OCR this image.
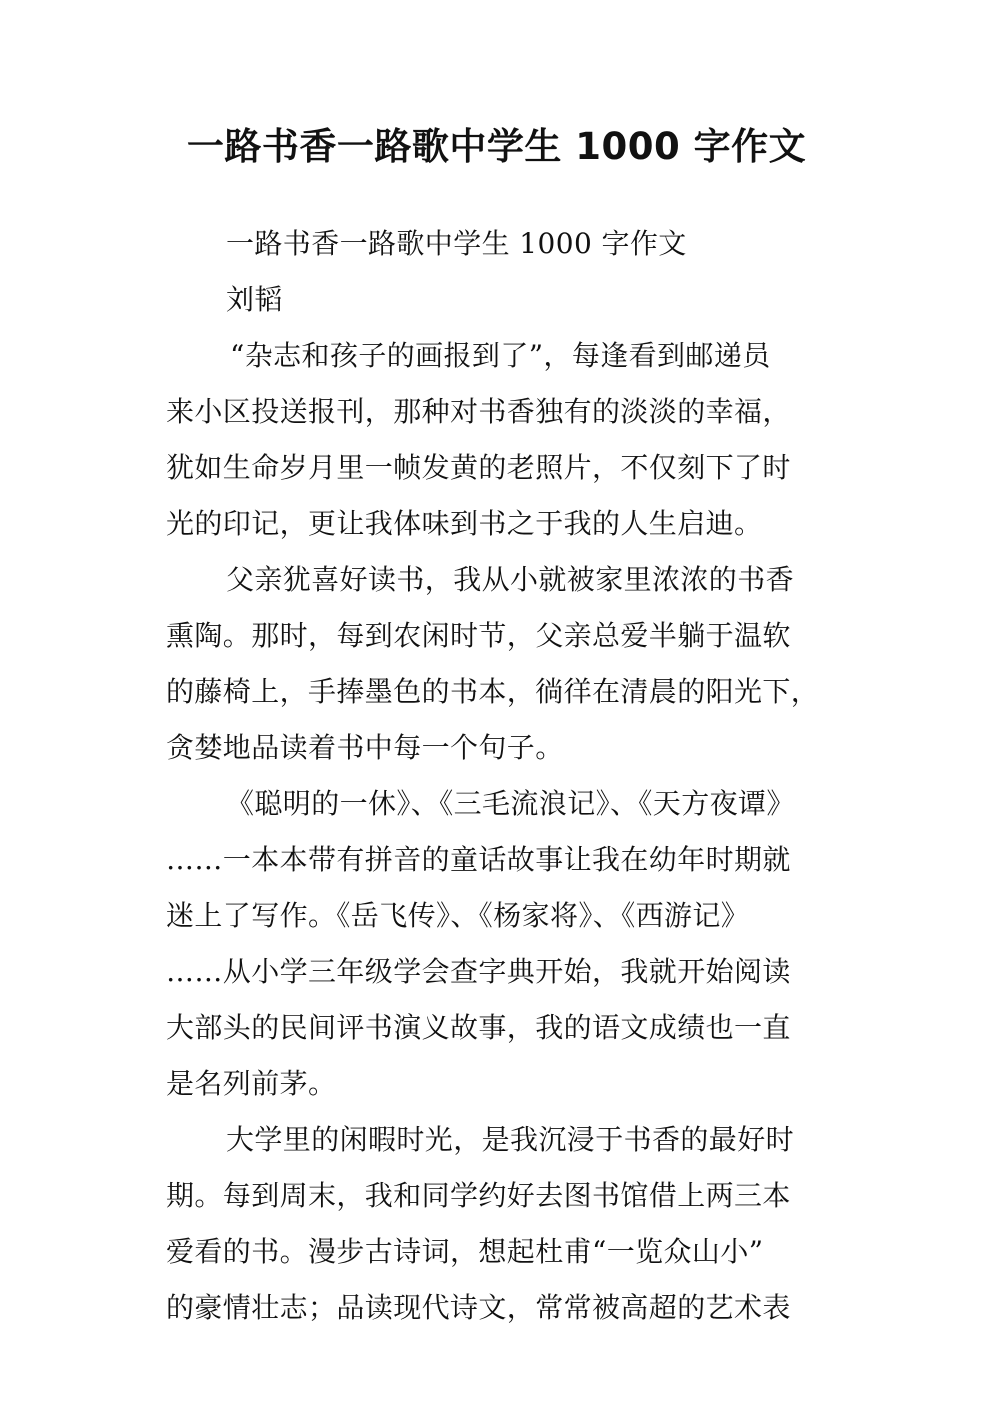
一路书香一路歌中学生 1000 字作文
一路书香一路歌中学生 1000 字作文
刘韬
“杂志和孩子的画报到了”，每逢看到邮递员
来小区投送报刊，那种对书香独有的淡淡的幸福，
犹如生命岁月里一帧发黄的老照片，不仅刻下了时
光的印记，更让我体味到书之于我的人生启迪。
父亲犹喜好读书，我从小就被家里浓浓的书香
熏陶。那时，每到农闲时节，父亲总爱半躺于温软
的藤椅上，手捧墨色的书本，徜徉在清晨的阳光下，
贪婪地品读着书中每一个句子。
《聪明的一休》、《三毛流浪记》、《天方夜谭》
……一本本带有拼音的童话故事让我在幼年时期就
迷上了写作。《岳飞传》、《杨家将》、《西游记》
……从小学三年级学会查字典开始，我就开始阅读
大部头的民间评书演义故事，我的语文成绩也一直
是名列前茅。
大学里的闲暇时光，是我沉浸于书香的最好时
期。每到周末，我和同学约好去图书馆借上两三本
爱看的书。漫步古诗词，想起杜甫“一览众山小”
的豪情壮志；品读现代诗文，常常被高超的艺术表
